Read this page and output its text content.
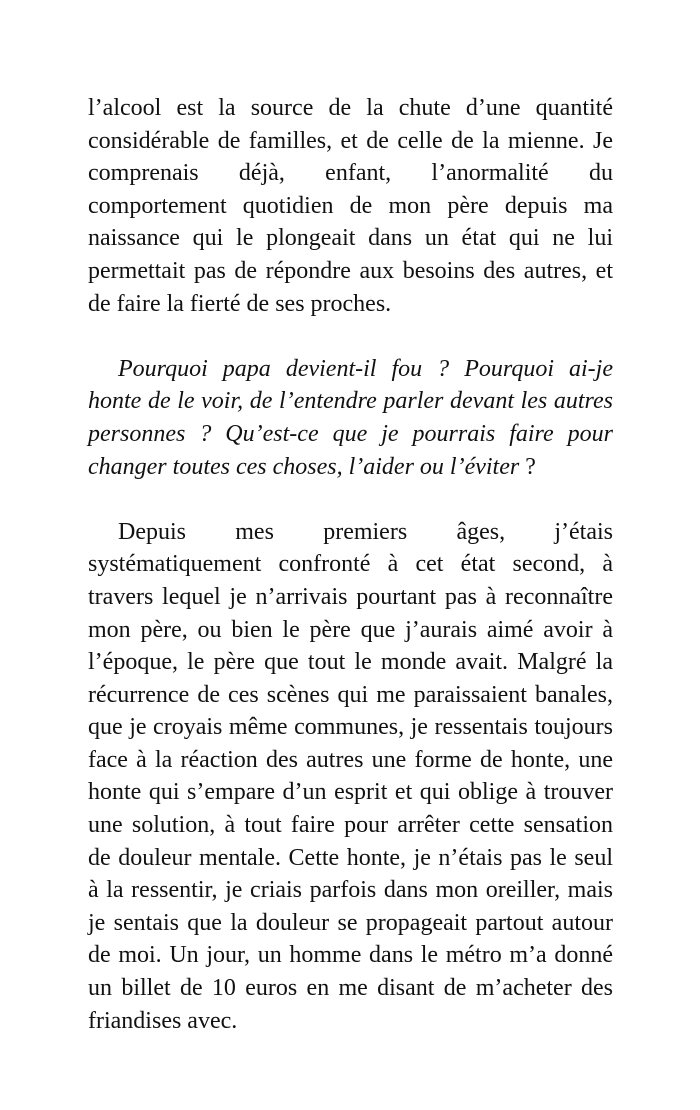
l’alcool est la source de la chute d’une quantité considérable de familles, et de celle de la mienne. Je comprenais déjà, enfant, l’anormalité du comportement quotidien de mon père depuis ma naissance qui le plongeait dans un état qui ne lui permettait pas de répondre aux besoins des autres, et de faire la fierté de ses proches.

Pourquoi papa devient-il fou ? Pourquoi ai-je honte de le voir, de l’entendre parler devant les autres personnes ? Qu’est-ce que je pourrais faire pour changer toutes ces choses, l’aider ou l’éviter ?

Depuis mes premiers âges, j’étais systématiquement confronté à cet état second, à travers lequel je n’arrivais pourtant pas à reconnaître mon père, ou bien le père que j’aurais aimé avoir à l’époque, le père que tout le monde avait. Malgré la récurrence de ces scènes qui me paraissaient banales, que je croyais même communes, je ressentais toujours face à la réaction des autres une forme de honte, une honte qui s’empare d’un esprit et qui oblige à trouver une solution, à tout faire pour arrêter cette sensation de douleur mentale. Cette honte, je n’étais pas le seul à la ressentir, je criais parfois dans mon oreiller, mais je sentais que la douleur se propageait partout autour de moi. Un jour, un homme dans le métro m’a donné un billet de 10 euros en me disant de m’acheter des friandises avec.
